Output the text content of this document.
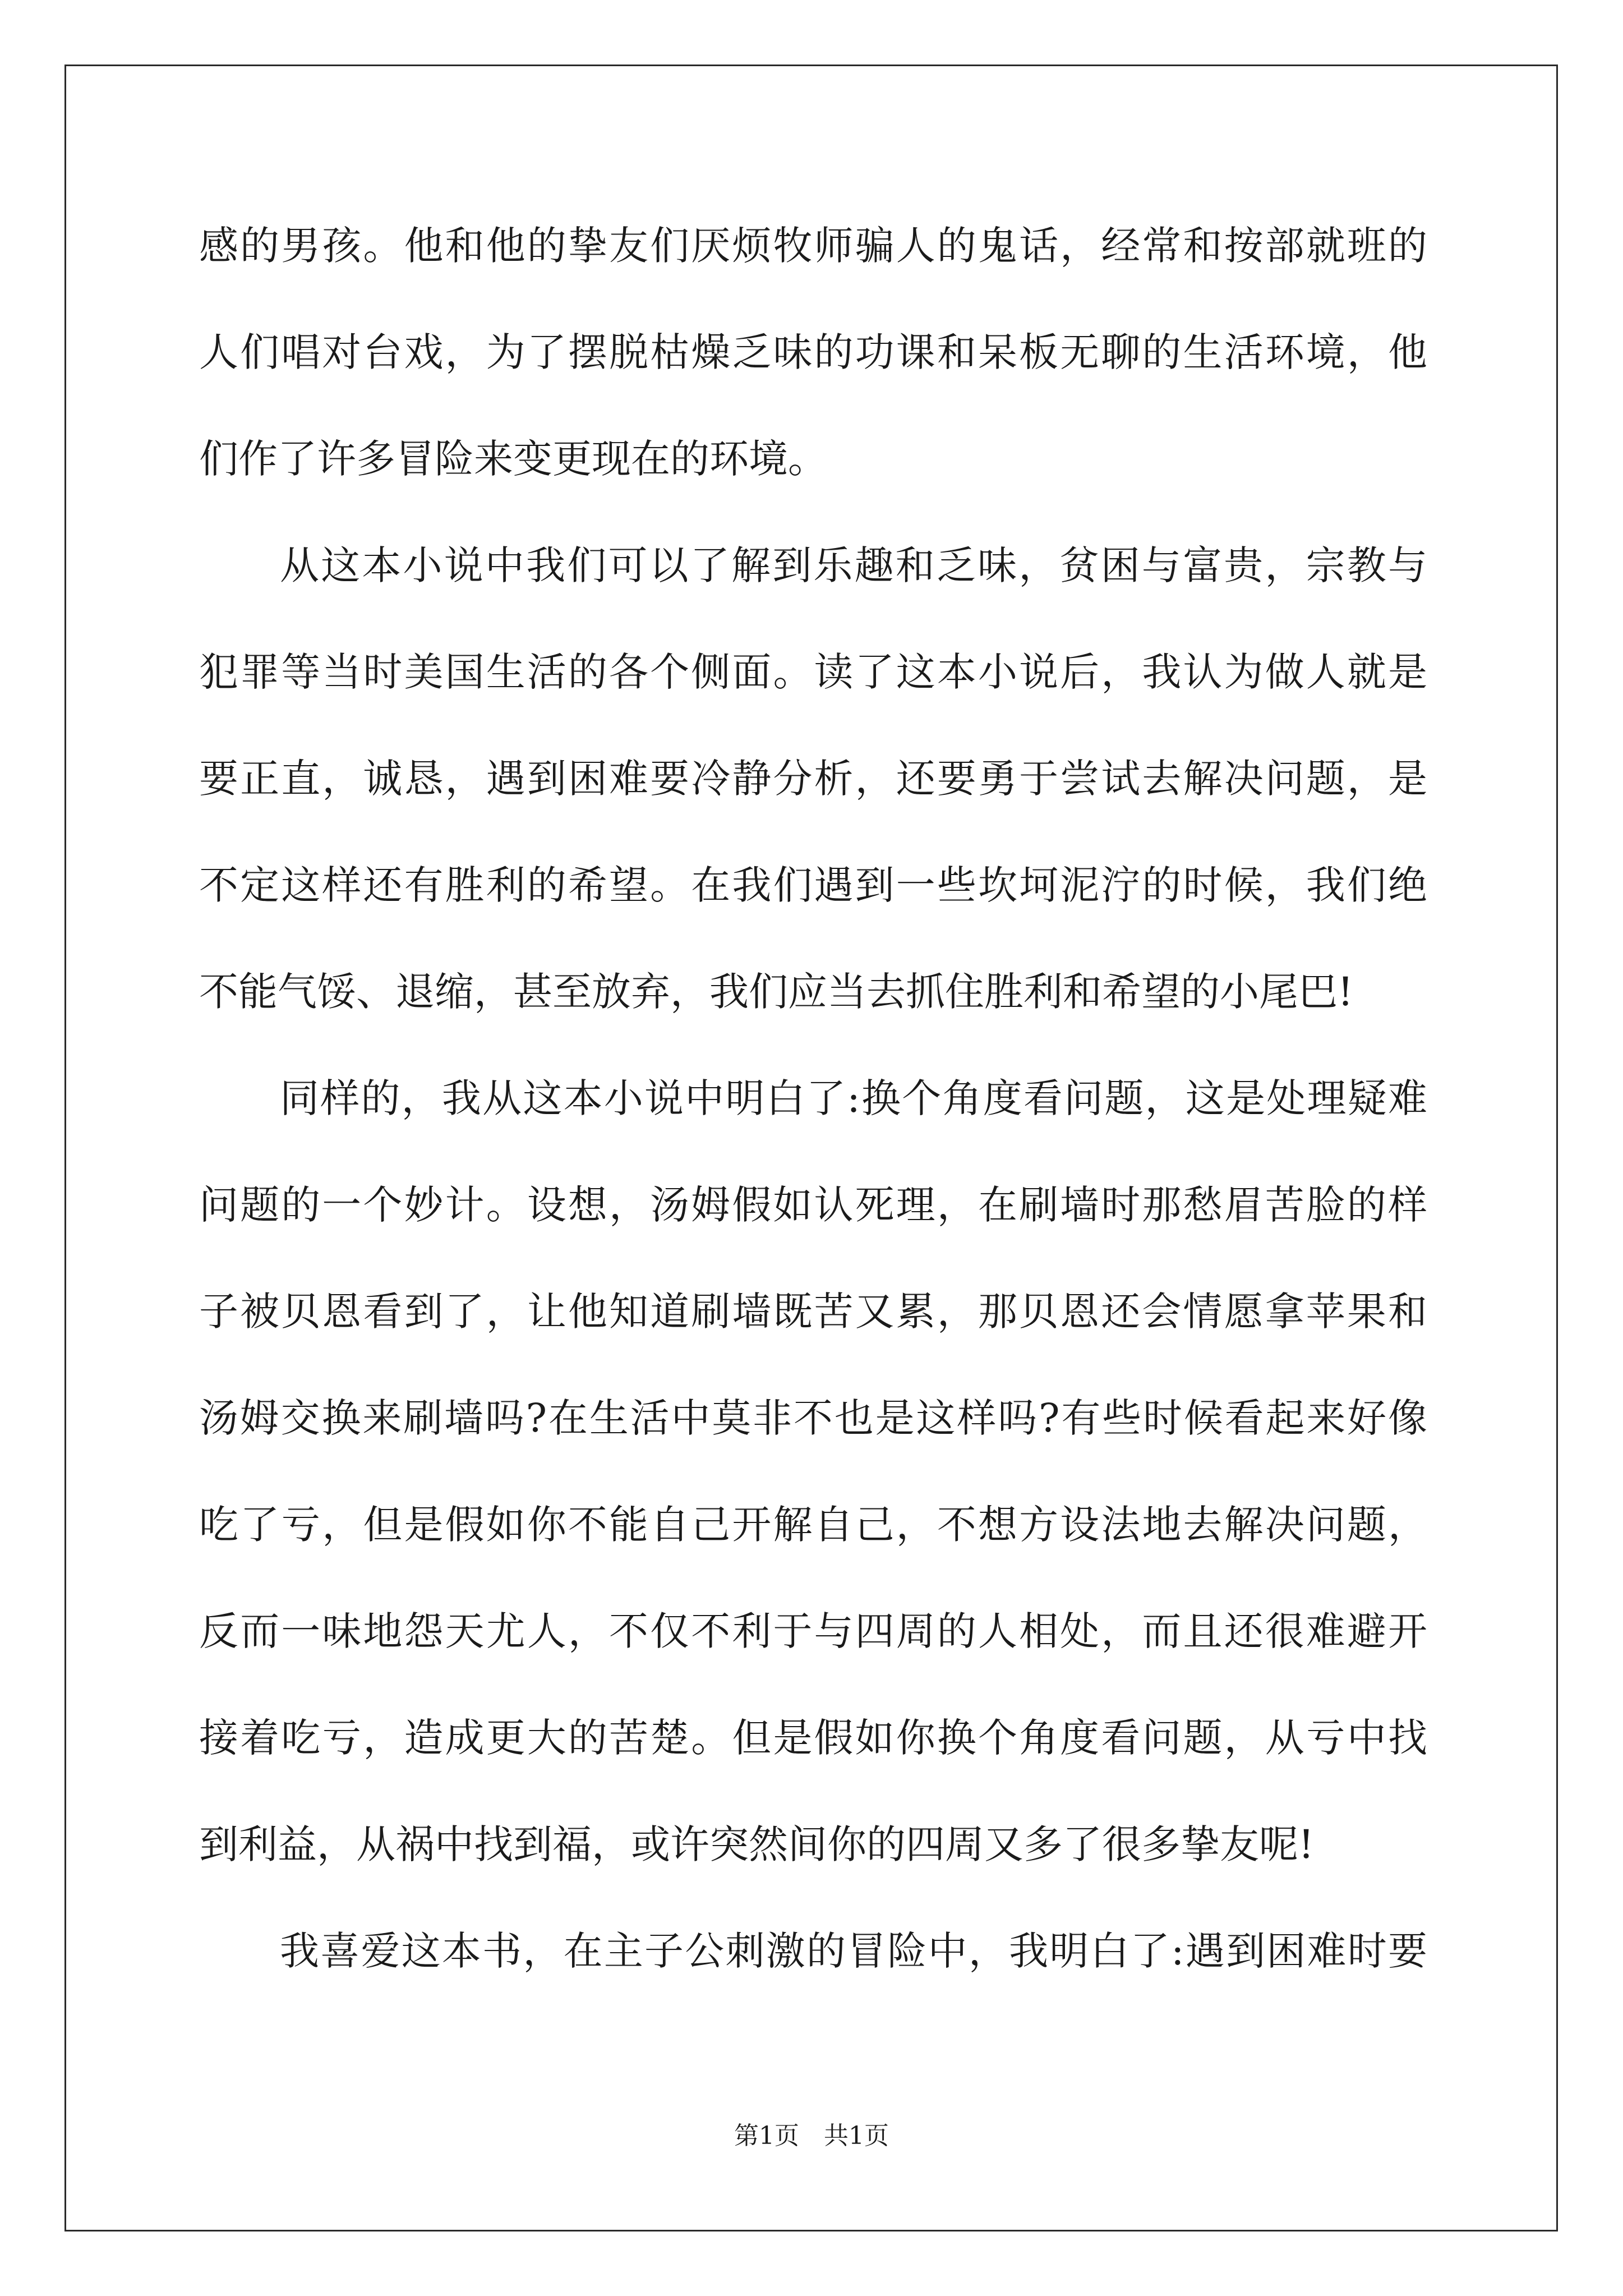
感的男孩。他和他的挚友们厌烦牧师骗人的鬼话，经常和按部就班的
人们唱对台戏，为了摆脱枯燥乏味的功课和呆板无聊的生活环境，他
们作了许多冒险来变更现在的环境。
从这本小说中我们可以了解到乐趣和乏味，贫困与富贵，宗教与
犯罪等当时美国生活的各个侧面。读了这本小说后，我认为做人就是
要正直，诚恳，遇到困难要冷静分析，还要勇于尝试去解决问题，是
不定这样还有胜利的希望。在我们遇到一些坎坷泥泞的时候，我们绝
不能气馁、退缩，甚至放弃，我们应当去抓住胜利和希望的小尾巴!
同样的，我从这本小说中明白了:换个角度看问题，这是处理疑难
问题的一个妙计。设想，汤姆假如认死理，在刷墙时那愁眉苦脸的样
子被贝恩看到了，让他知道刷墙既苦又累，那贝恩还会情愿拿苹果和
汤姆交换来刷墙吗?在生活中莫非不也是这样吗?有些时候看起来好像
吃了亏，但是假如你不能自己开解自己，不想方设法地去解决问题，
反而一味地怨天尤人，不仅不利于与四周的人相处，而且还很难避开
接着吃亏，造成更大的苦楚。但是假如你换个角度看问题，从亏中找
到利益，从祸中找到福，或许突然间你的四周又多了很多挚友呢!
我喜爱这本书，在主子公刺激的冒险中，我明白了:遇到困难时要
第1页 共1页
